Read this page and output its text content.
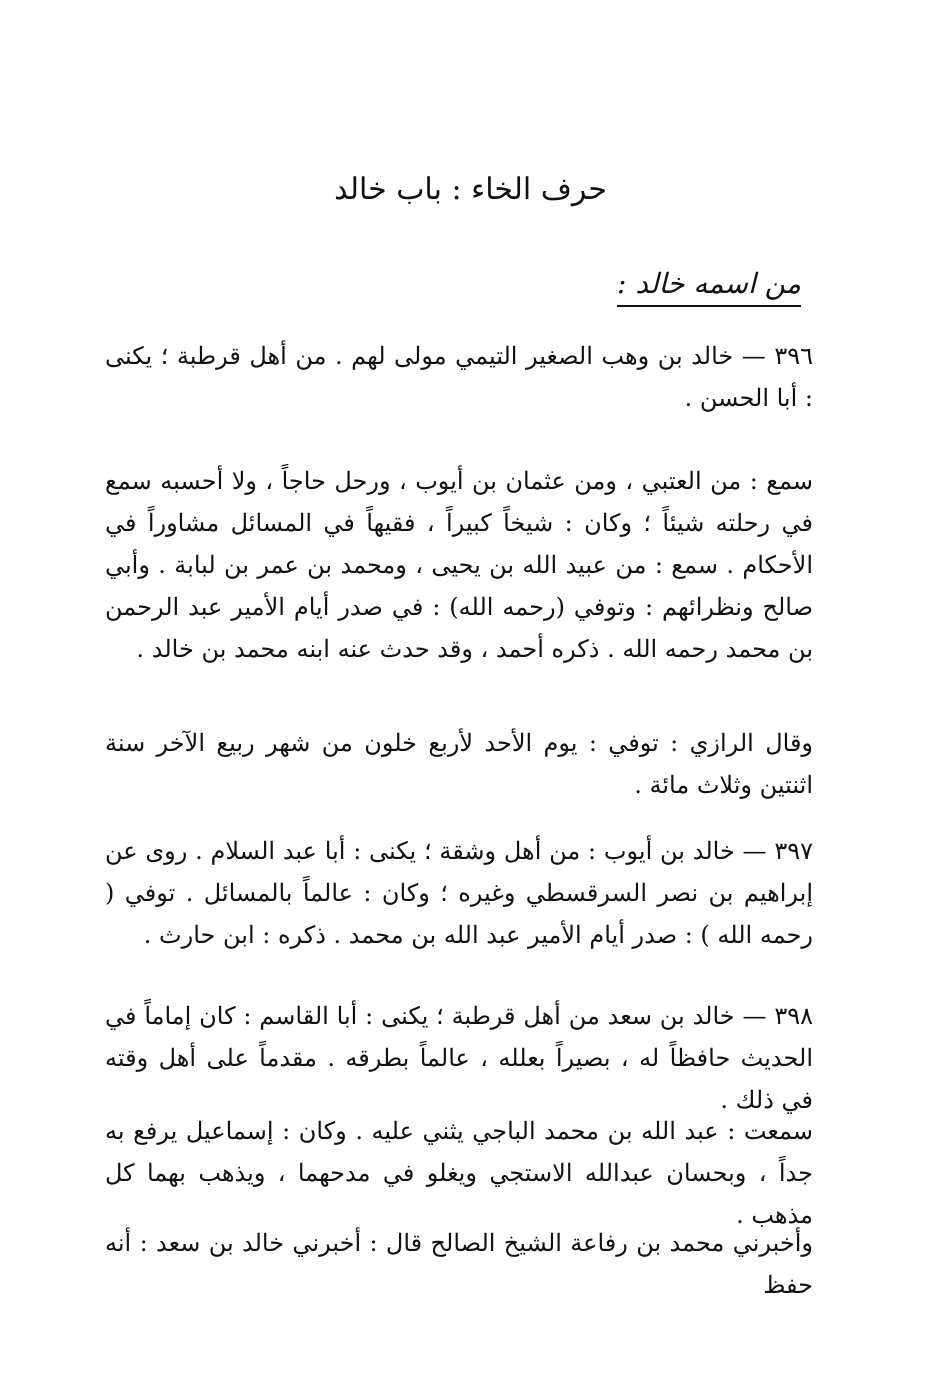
حرف الخاء : باب خالد
من اسمه خالد :

٣٩٦ — خالد بن وهب الصغير التيمي مولى لهم . من أهل قرطبة ؛ يكنى : أبا الحسن .

سمع : من العتبي ، ومن عثمان بن أيوب ، ورحل حاجاً ، ولا أحسبه سمع في رحلته شيئاً ؛ وكان : شيخاً كبيراً ، فقيهاً في المسائل مشاوراً في الأحكام . سمع : من عبيد الله بن يحيى ، ومحمد بن عمر بن لبابة . وأبي صالح ونظرائهم : وتوفي (رحمه الله) : في صدر أيام الأمير عبد الرحمن بن محمد رحمه الله . ذكره أحمد ، وقد حدث عنه ابنه محمد بن خالد .

وقال الرازي : توفي : يوم الأحد لأربع خلون من شهر ربيع الآخر سنة اثنتين وثلاث مائة .

٣٩٧ — خالد بن أيوب : من أهل وشقة ؛ يكنى : أبا عبد السلام . روى عن إبراهيم بن نصر السرقسطي وغيره ؛ وكان : عالماً بالمسائل . توفي ( رحمه الله ) : صدر أيام الأمير عبد الله بن محمد . ذكره : ابن حارث .

٣٩٨ — خالد بن سعد من أهل قرطبة ؛ يكنى : أبا القاسم : كان إماماً في الحديث حافظاً له ، بصيراً بعلله ، عالماً بطرقه . مقدماً على أهل وقته في ذلك .

سمعت : عبد الله بن محمد الباجي يثني عليه . وكان : إسماعيل يرفع به جداً ، وبحسان عبدالله الاستجي ويغلو في مدحهما ، ويذهب بهما كل مذهب .

وأخبرني محمد بن رفاعة الشيخ الصالح قال : أخبرني خالد بن سعد : أنه حفظ
